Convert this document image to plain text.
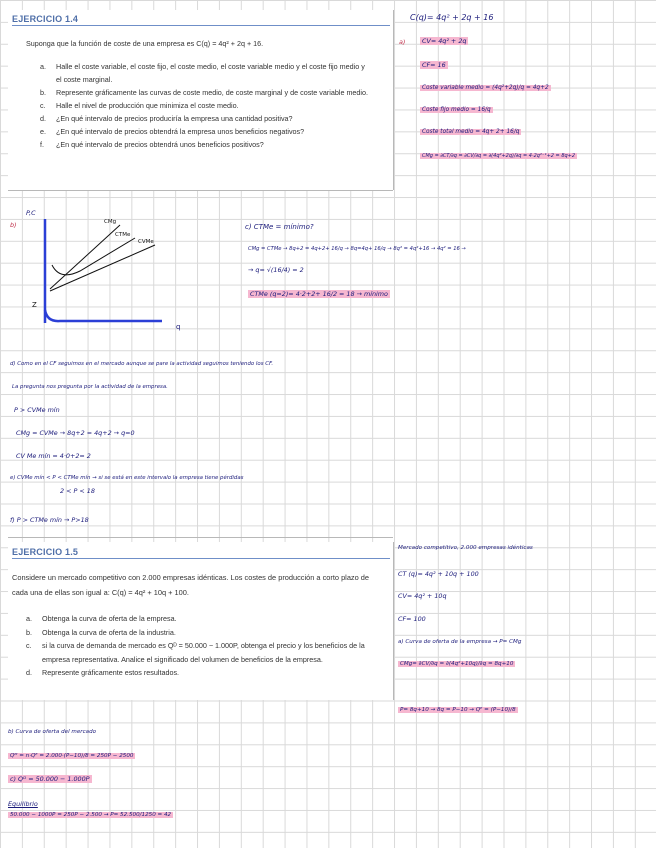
EJERCICIO 1.4
Suponga que la función de coste de una empresa es C(q) = 4q² + 2q + 16.
a.	Halle el coste variable, el coste fijo, el coste medio, el coste variable medio y el coste fijo medio y el coste marginal.
b.	Represente gráficamente las curvas de coste medio, de coste marginal y de coste variable medio.
c.	Halle el nivel de producción que minimiza el coste medio.
d.	¿En qué intervalo de precios produciría la empresa una cantidad positiva?
e.	¿En qué intervalo de precios obtendrá la empresa unos beneficios negativos?
f.	¿En qué intervalo de precios obtendrá unos beneficios positivos?
C(q)= 4q² + 2q + 16
a)	CV= 4q² + 2q
CF= 16
Coste variable medio = (4q²+2q)/q = 4q+2
Coste fijo medio = 16/q
Coste total medio = 4q+ 2+ 16/q
CMg = ∂CT/∂q = ∂CV/∂q = ∂(4q²+2q)/∂q = 4·2q²⁻¹+2 = 8q+2
b)
P,C
CMg
CTMe
CVMe
Z
q
c) CTMe = mínimo?
CMg = CTMe → 8q+2 = 4q+2+ 16/q → 8q=4q+ 16/q → 8q² = 4q²+16 → 4q² = 16 →
→ q= √(16/4) = 2
CTMe (q=2)= 4·2+2+ 16/2 = 18 → mínimo
d) Como en el CF seguimos en el mercado aunque se pare la actividad seguimos teniendo los CF.
La pregunta nos pregunta por la actividad de la empresa.
P > CVMe mín
CMg = CVMe → 8q+2 = 4q+2 → q=0
CV Me mín = 4·0+2= 2
e) CVMe mín < P < CTMe mín → si se está en este intervalo la empresa tiene pérdidas
2 < P < 18
f) P > CTMe mín → P>18
EJERCICIO 1.5
Considere un mercado competitivo con 2.000 empresas idénticas. Los costes de producción a corto plazo de cada una de ellas son igual a: C(q) = 4q² + 10q + 100.
a.	Obtenga la curva de oferta de la empresa.
b.	Obtenga la curva de oferta de la industria.
c.	si la curva de demanda de mercado es Qᴰ = 50.000 − 1.000P, obtenga el precio y los beneficios de la empresa representativa. Analice el significado del volumen de beneficios de la empresa.
d.	Represente gráficamente estos resultados.
Mercado competitivo, 2.000 empresas idénticas
CT (q)= 4q² + 10q + 100
CV= 4q² + 10q
CF= 100
a) Curva de oferta de la empresa → P= CMg
CMg= ∂CV/∂q = ∂(4q²+10q)/∂q = 8q+10
P= 8q+10 → 8q = P−10 → Qᴱ = (P−10)/8
b) Curva de oferta del mercado
Qᴹ = n·Qᴱ = 2.000·(P−10)/8 = 250P − 2500
c) Qᴰ = 50.000 − 1.000P
Equilibrio
50.000 − 1000P = 250P − 2.500 → P= 52.500/1250 = 42
